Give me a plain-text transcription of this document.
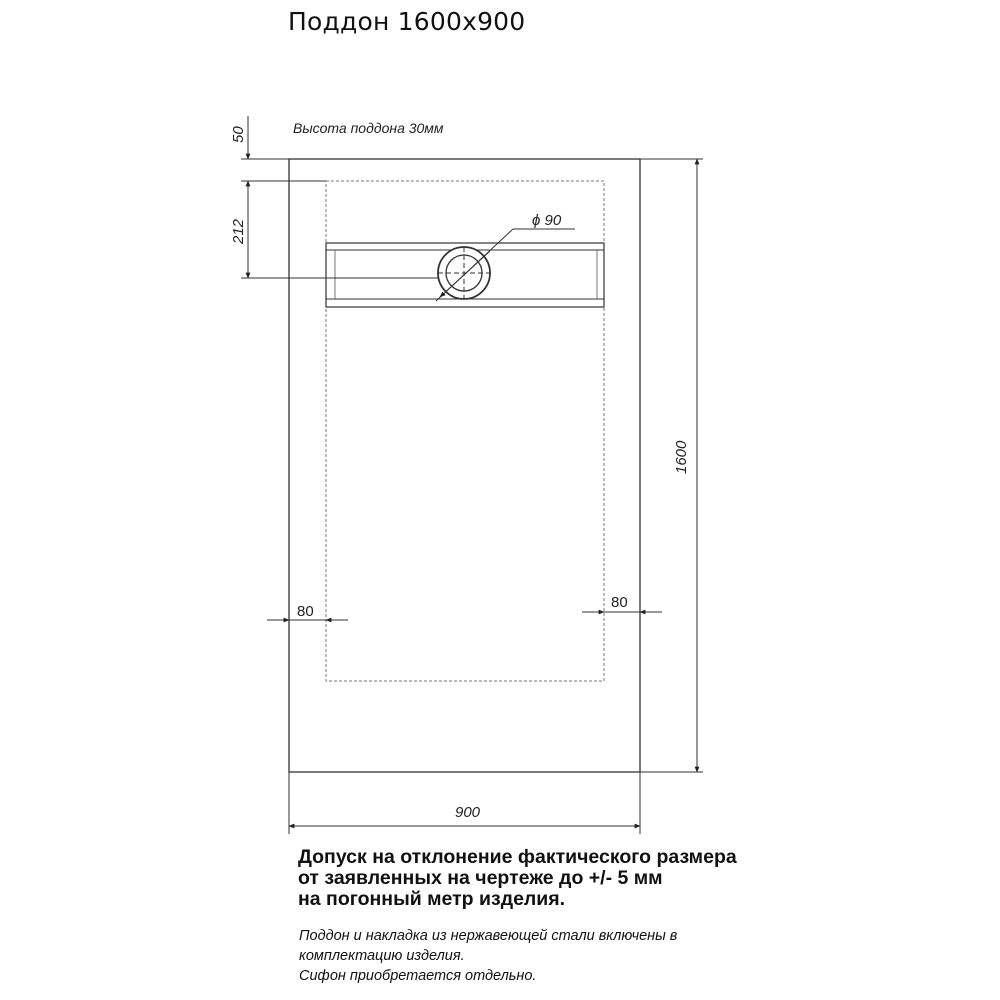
Поддон 1600x900
ϕ 90
50
212
Высота поддона 30мм
1600
80
80
900
Допуск на отклонение фактического размера
от заявленных на чертеже до +/- 5 мм
на погонный метр изделия.
Поддон и накладка из нержавеющей стали включены в
комплектацию изделия.
Сифон приобретается отдельно.
